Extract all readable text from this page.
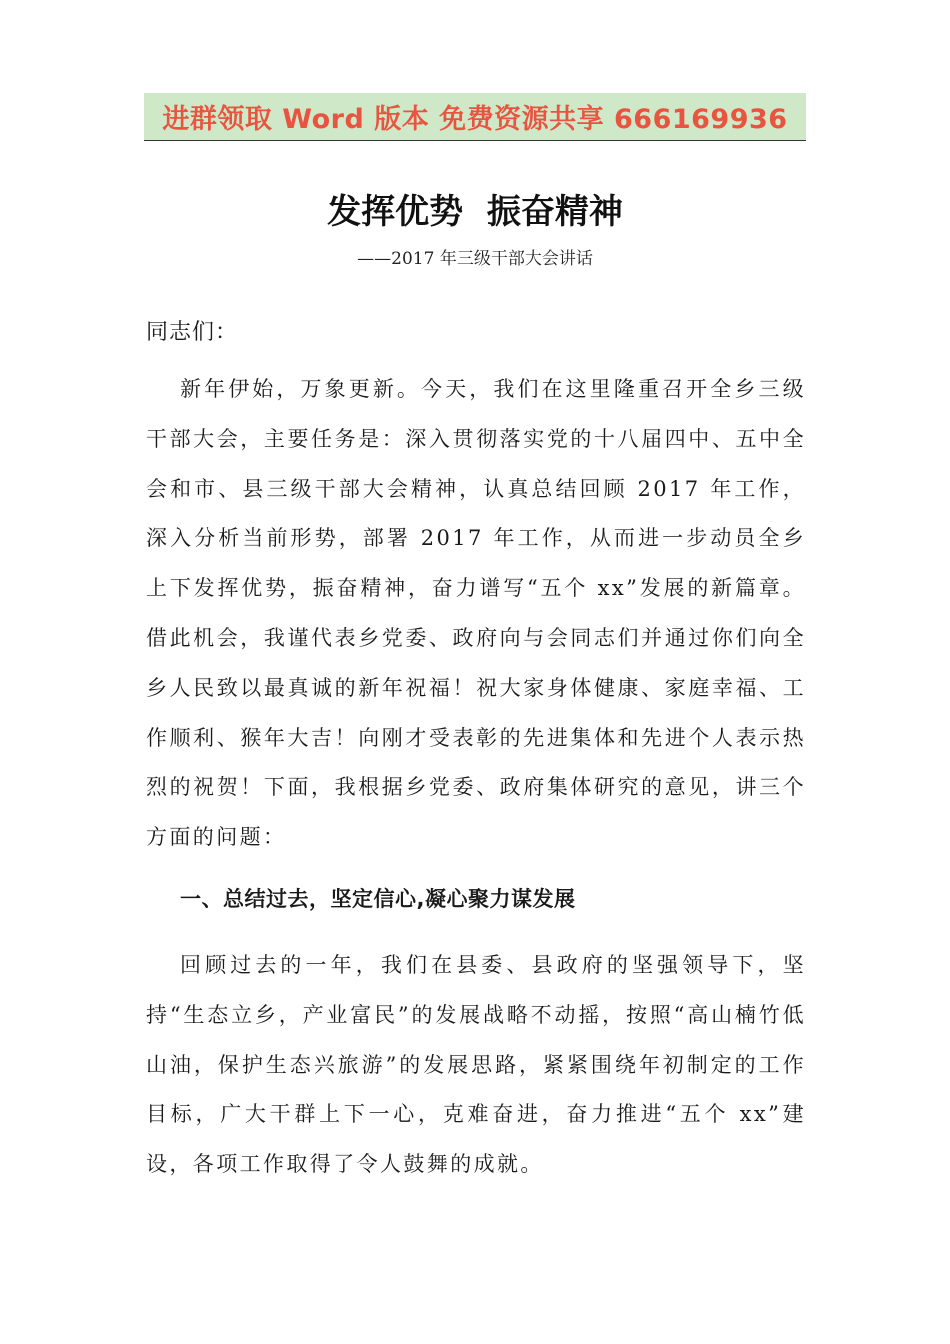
进群领取 Word 版本 免费资源共享 666169936
发挥优势  振奋精神

——2017 年三级干部大会讲话

同志们：

新年伊始，万象更新。今天，我们在这里隆重召开全乡三级干部大会，主要任务是：深入贯彻落实党的十八届四中、五中全会和市、县三级干部大会精神，认真总结回顾 2017 年工作，深入分析当前形势，部署 2017 年工作，从而进一步动员全乡上下发挥优势，振奋精神，奋力谱写“五个 xx”发展的新篇章。借此机会，我谨代表乡党委、政府向与会同志们并通过你们向全乡人民致以最真诚的新年祝福！祝大家身体健康、家庭幸福、工作顺利、猴年大吉！向刚才受表彰的先进集体和先进个人表示热烈的祝贺！下面，我根据乡党委、政府集体研究的意见，讲三个方面的问题：

一、总结过去，坚定信心,凝心聚力谋发展

回顾过去的一年，我们在县委、县政府的坚强领导下，坚持“生态立乡，产业富民”的发展战略不动摇，按照“高山楠竹低山油，保护生态兴旅游”的发展思路，紧紧围绕年初制定的工作目标，广大干群上下一心，克难奋进，奋力推进“五个 xx”建设，各项工作取得了令人鼓舞的成就。
